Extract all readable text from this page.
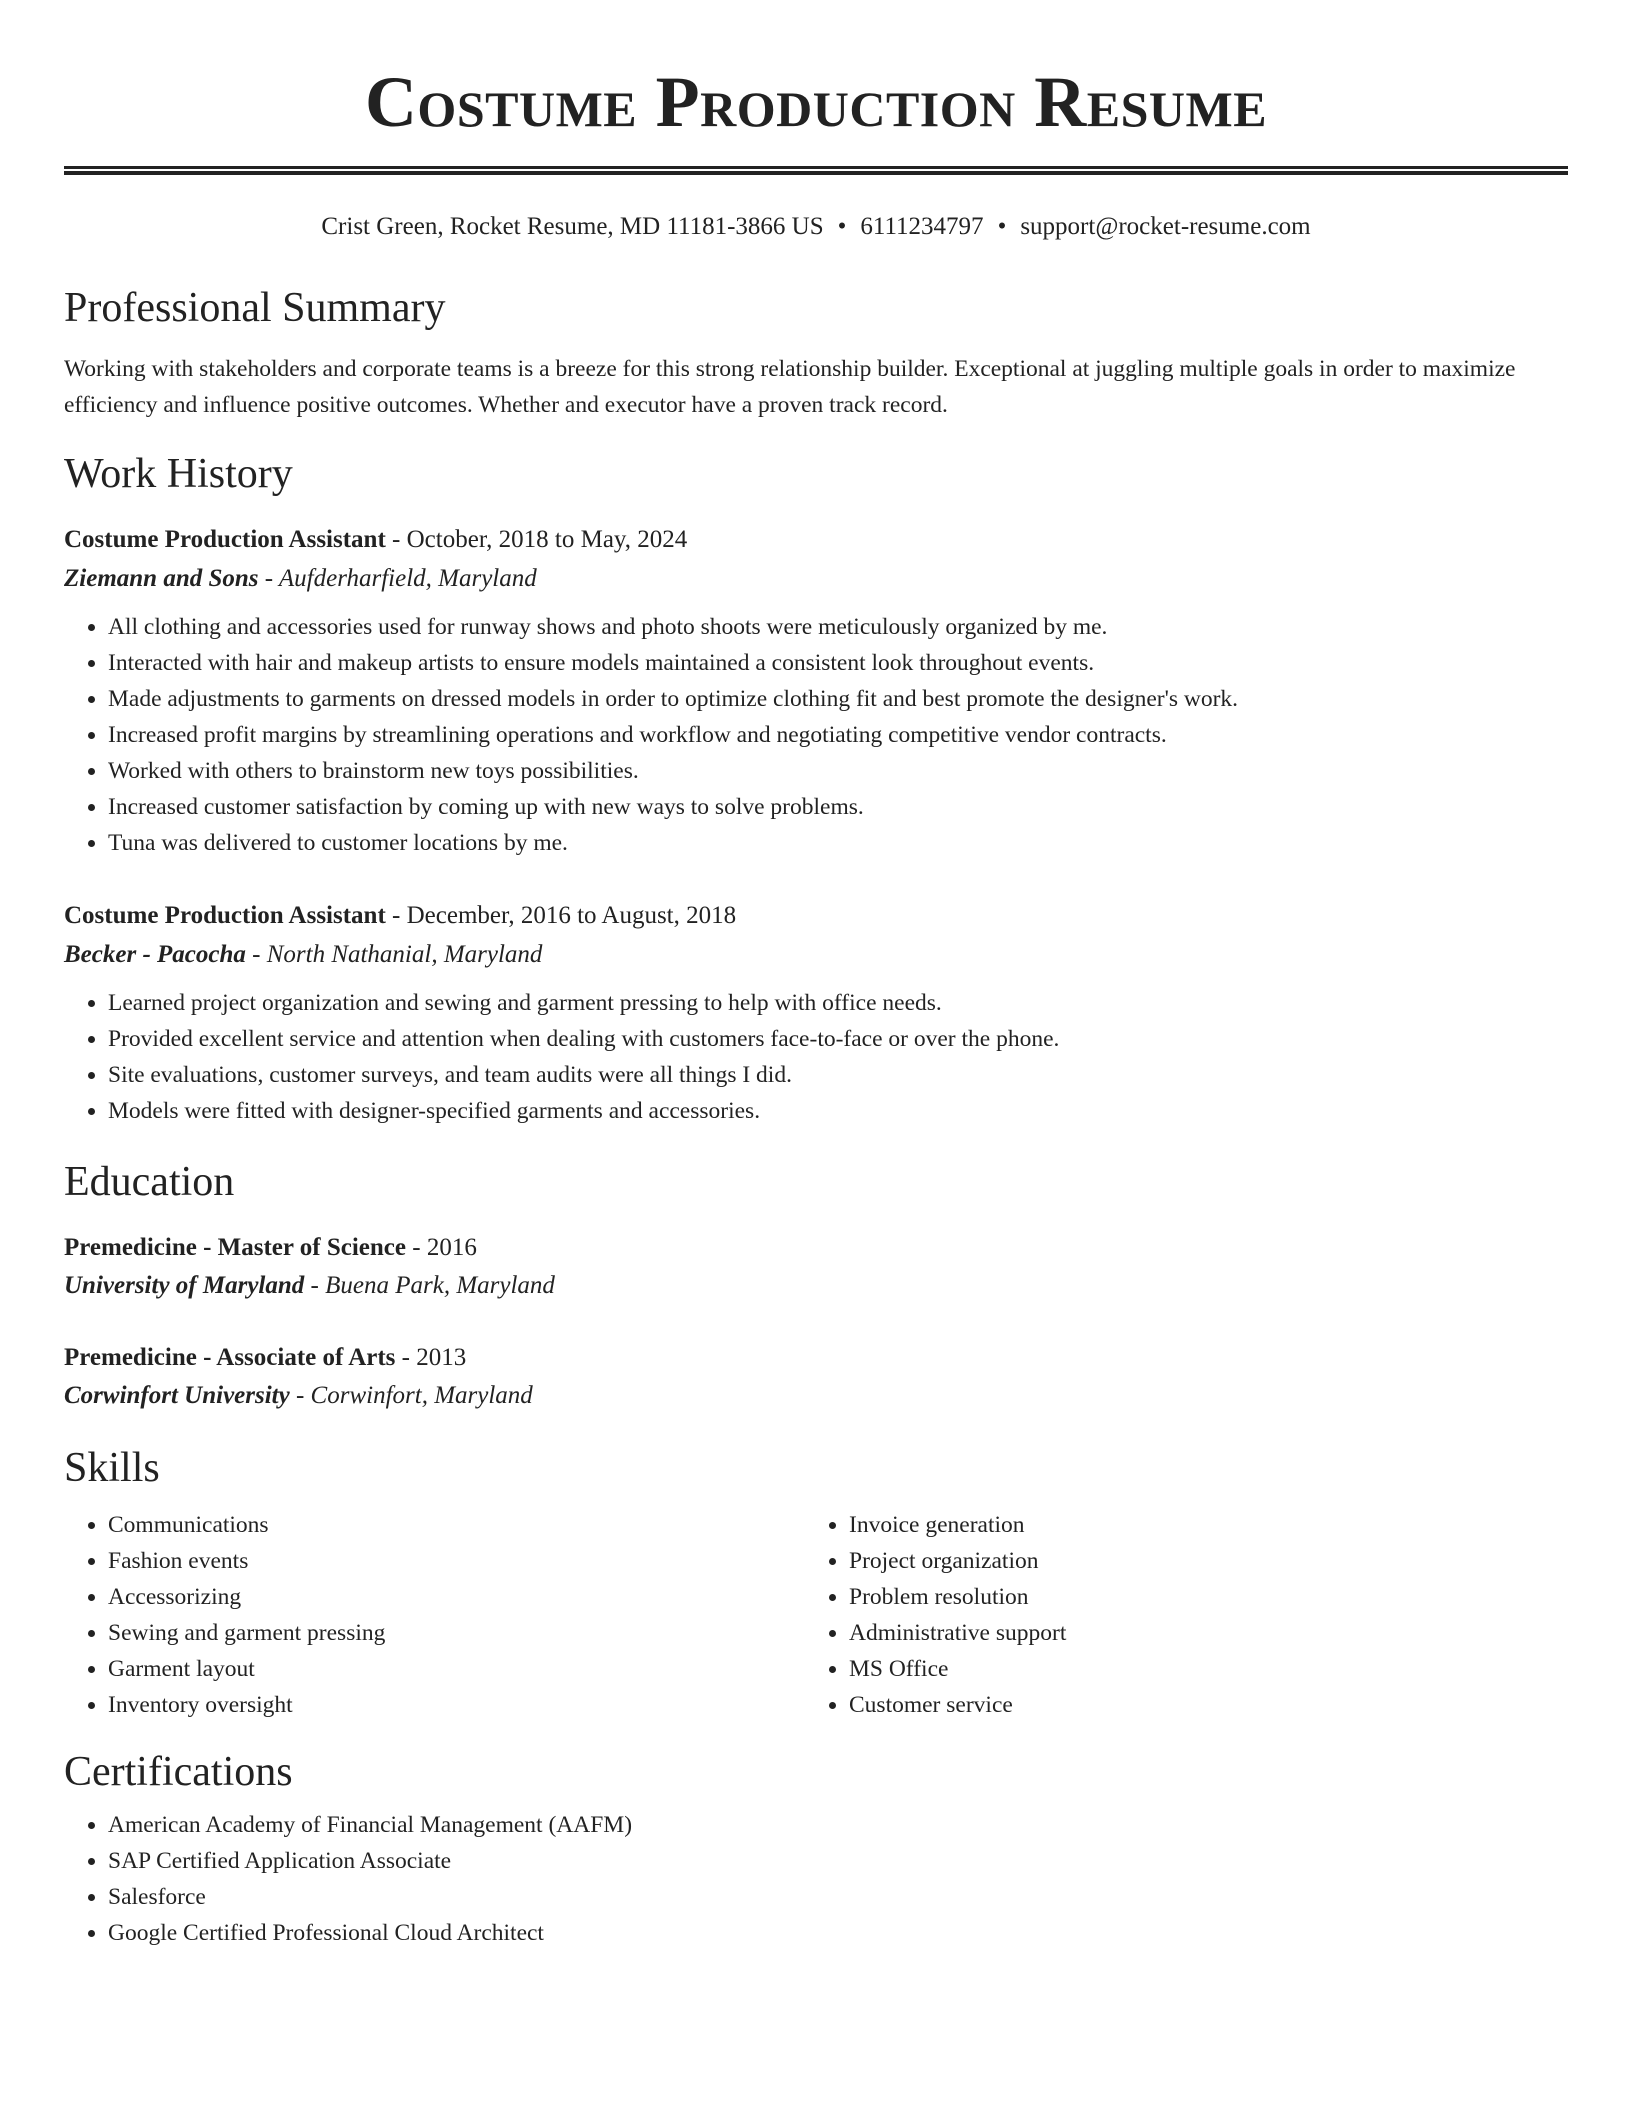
Costume Production Resume
Crist Green, Rocket Resume, MD 11181-3866 US • 6111234797 • support@rocket-resume.com
Professional Summary

Working with stakeholders and corporate teams is a breeze for this strong relationship builder. Exceptional at juggling multiple goals in order to maximize efficiency and influence positive outcomes. Whether and executor have a proven track record.

Work History
Costume Production Assistant - October, 2018 to May, 2024
Ziemann and Sons - Aufderharfield, Maryland
• All clothing and accessories used for runway shows and photo shoots were meticulously organized by me.
• Interacted with hair and makeup artists to ensure models maintained a consistent look throughout events.
• Made adjustments to garments on dressed models in order to optimize clothing fit and best promote the designer's work.
• Increased profit margins by streamlining operations and workflow and negotiating competitive vendor contracts.
• Worked with others to brainstorm new toys possibilities.
• Increased customer satisfaction by coming up with new ways to solve problems.
• Tuna was delivered to customer locations by me.
Costume Production Assistant - December, 2016 to August, 2018
Becker - Pacocha - North Nathanial, Maryland
• Learned project organization and sewing and garment pressing to help with office needs.
• Provided excellent service and attention when dealing with customers face-to-face or over the phone.
• Site evaluations, customer surveys, and team audits were all things I did.
• Models were fitted with designer-specified garments and accessories.
Education
Premedicine - Master of Science - 2016
University of Maryland - Buena Park, Maryland
Premedicine - Associate of Arts - 2013
Corwinfort University - Corwinfort, Maryland
Skills
• Communications
• Fashion events
• Accessorizing
• Sewing and garment pressing
• Garment layout
• Inventory oversight
• Invoice generation
• Project organization
• Problem resolution
• Administrative support
• MS Office
• Customer service
Certifications
• American Academy of Financial Management (AAFM)
• SAP Certified Application Associate
• Salesforce
• Google Certified Professional Cloud Architect
